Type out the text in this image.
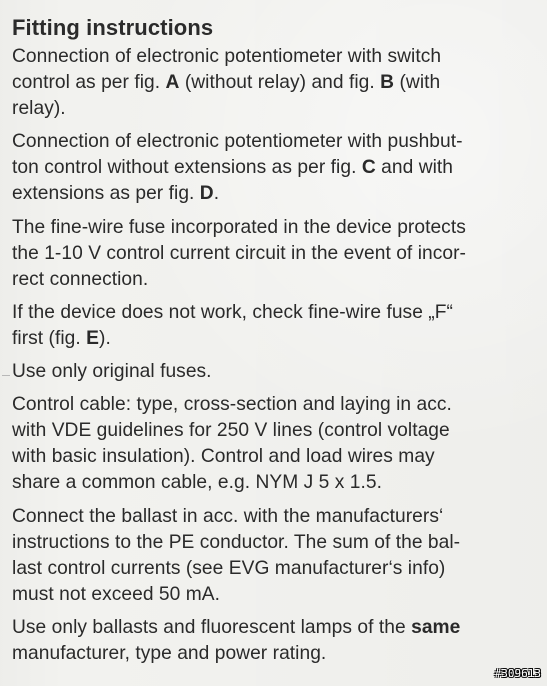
Fitting instructions
Connection of electronic potentiometer with switch
control as per fig. A (without relay) and fig. B (with
relay).
Connection of electronic potentiometer with pushbut-
ton control without extensions as per fig. C and with
extensions as per fig. D.
The fine-wire fuse incorporated in the device protects
the 1-10 V control current circuit in the event of incor-
rect connection.
If the device does not work, check fine-wire fuse „F“
first (fig. E).
Use only original fuses.
Control cable: type, cross-section and laying in acc.
with VDE guidelines for 250 V lines (control voltage
with basic insulation). Control and load wires may
share a common cable, e.g. NYM J 5 x 1.5.
Connect the ballast in acc. with the manufacturers‘
instructions to the PE conductor. The sum of the bal-
last control currents (see EVG manufacturer‘s info)
must not exceed 50 mA.
Use only ballasts and fluorescent lamps of the same
manufacturer, type and power rating.
#309613
